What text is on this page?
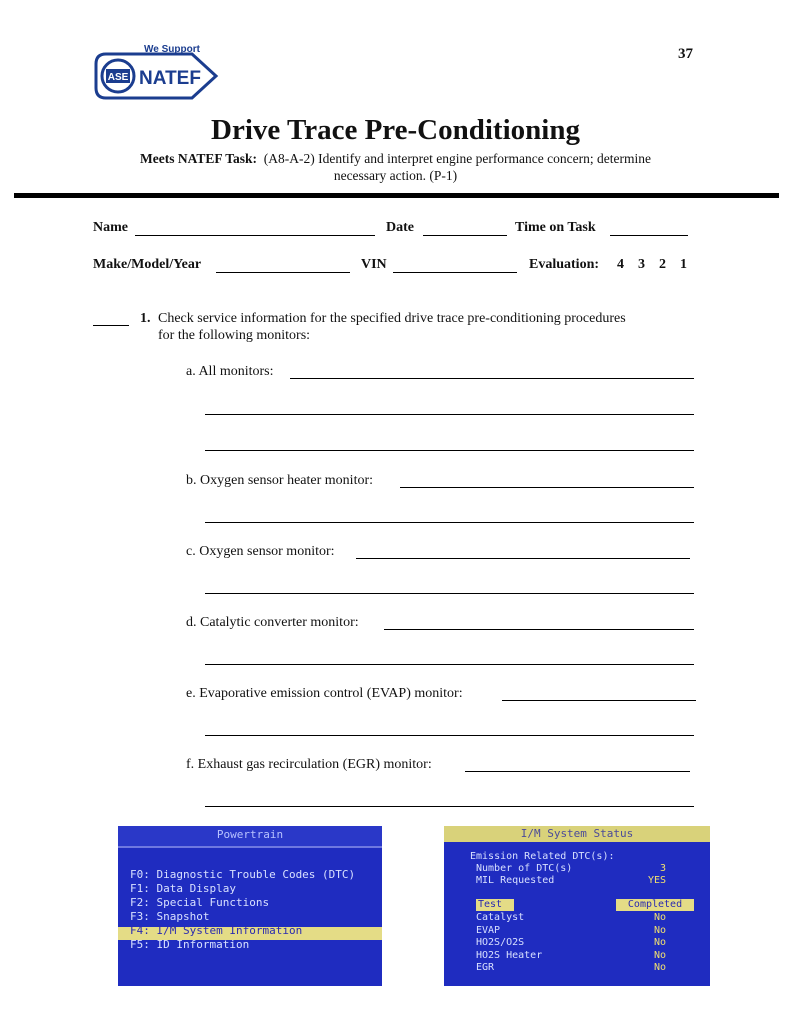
ASE NATEF
We Support	37
Drive Trace Pre-Conditioning
Meets NATEF Task: (A8-A-2) Identify and interpret engine performance concern; determine
necessary action. (P-1)
Name	Date	Time on Task
Make/Model/Year	VIN	Evaluation: 4 3 2 1
1. Check service information for the specified drive trace pre-conditioning procedures
for the following monitors:
a. All monitors:
b. Oxygen sensor heater monitor:
c. Oxygen sensor monitor:
d. Catalytic converter monitor:
e. Evaporative emission control (EVAP) monitor:
f. Exhaust gas recirculation (EGR) monitor:
Powertrain
F0: Diagnostic Trouble Codes (DTC)
F1: Data Display
F2: Special Functions
F3: Snapshot
F4: I/M System Information
F5: ID Information
I/M System Status
Emission Related DTC(s):
Number of DTC(s)	3
MIL Requested	YES
Test	Completed
Catalyst	No
EVAP	No
HO2S/O2S	No
HO2S Heater	No
EGR	No
